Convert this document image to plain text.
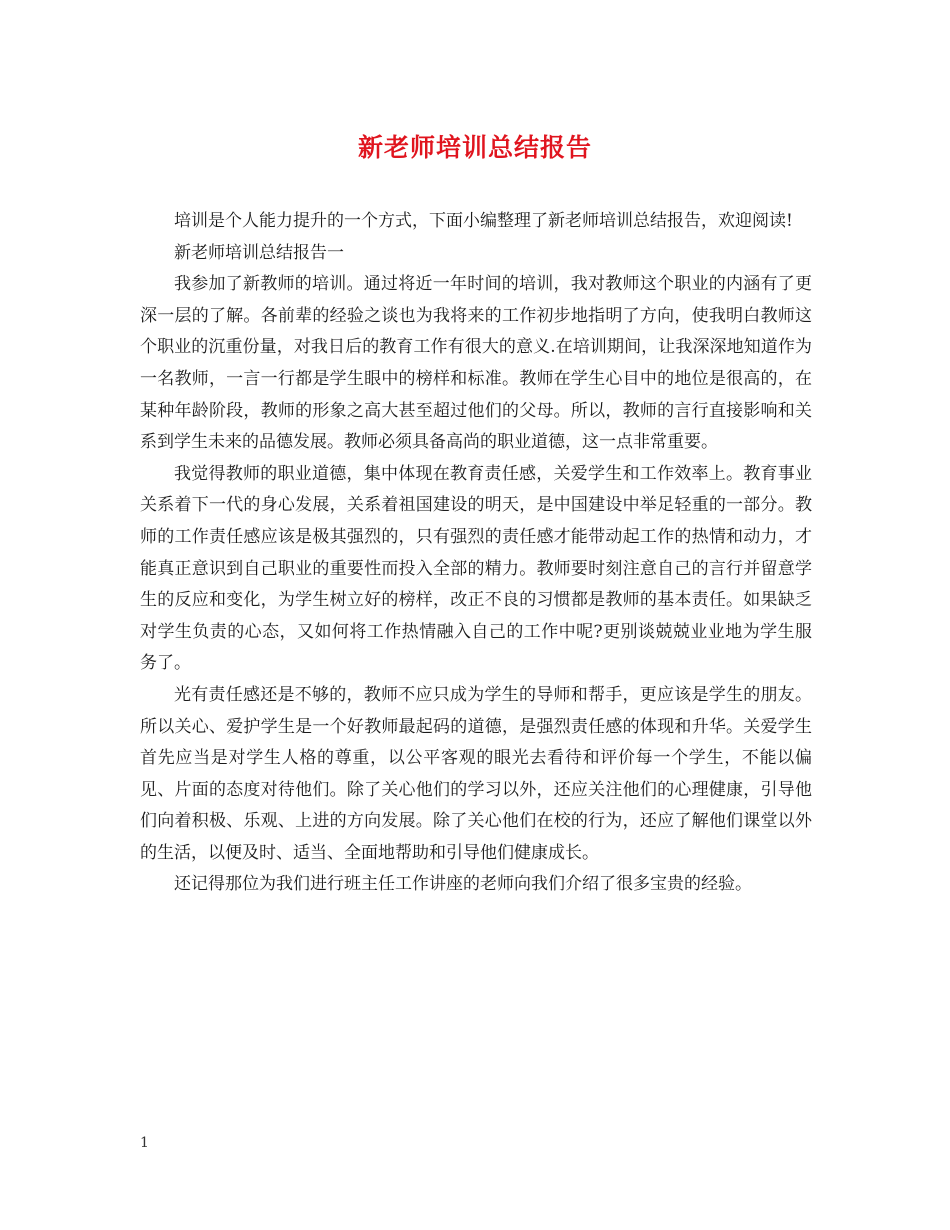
新老师培训总结报告

培训是个人能力提升的一个方式，下面小编整理了新老师培训总结报告，欢迎阅读!

新老师培训总结报告一

我参加了新教师的培训。通过将近一年时间的培训，我对教师这个职业的内涵有了更深一层的了解。各前辈的经验之谈也为我将来的工作初步地指明了方向，使我明白教师这个职业的沉重份量，对我日后的教育工作有很大的意义.在培训期间，让我深深地知道作为一名教师，一言一行都是学生眼中的榜样和标准。教师在学生心目中的地位是很高的，在某种年龄阶段，教师的形象之高大甚至超过他们的父母。所以，教师的言行直接影响和关系到学生未来的品德发展。教师必须具备高尚的职业道德，这一点非常重要。

我觉得教师的职业道德，集中体现在教育责任感，关爱学生和工作效率上。教育事业关系着下一代的身心发展，关系着祖国建设的明天，是中国建设中举足轻重的一部分。教师的工作责任感应该是极其强烈的，只有强烈的责任感才能带动起工作的热情和动力，才能真正意识到自己职业的重要性而投入全部的精力。教师要时刻注意自己的言行并留意学生的反应和变化，为学生树立好的榜样，改正不良的习惯都是教师的基本责任。如果缺乏对学生负责的心态，又如何将工作热情融入自己的工作中呢?更别谈兢兢业业地为学生服务了。

光有责任感还是不够的，教师不应只成为学生的导师和帮手，更应该是学生的朋友。所以关心、爱护学生是一个好教师最起码的道德，是强烈责任感的体现和升华。关爱学生首先应当是对学生人格的尊重，以公平客观的眼光去看待和评价每一个学生，不能以偏见、片面的态度对待他们。除了关心他们的学习以外，还应关注他们的心理健康，引导他们向着积极、乐观、上进的方向发展。除了关心他们在校的行为，还应了解他们课堂以外的生活，以便及时、适当、全面地帮助和引导他们健康成长。

还记得那位为我们进行班主任工作讲座的老师向我们介绍了很多宝贵的经验。

1
